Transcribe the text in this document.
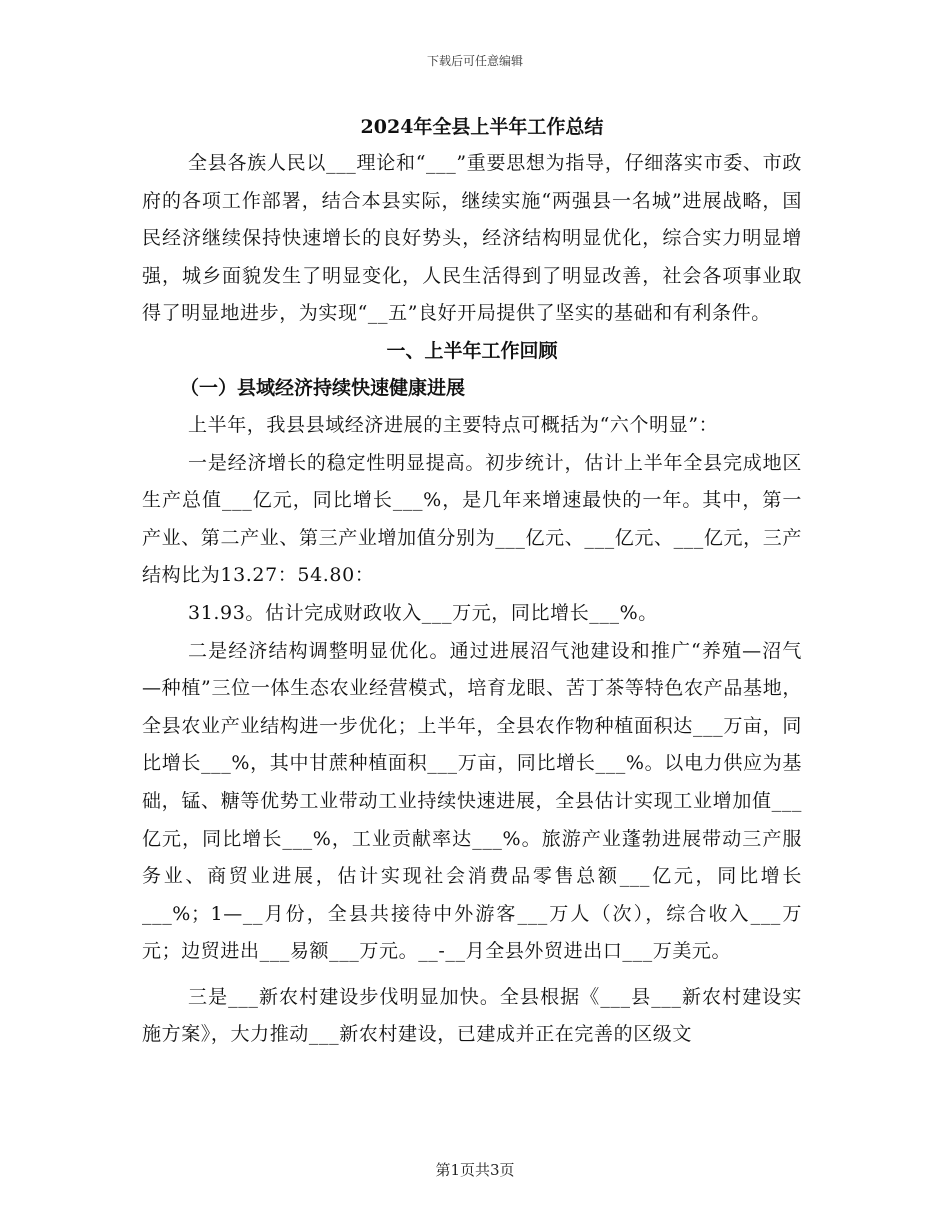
下载后可任意编辑
2024年全县上半年工作总结

全县各族人民以___理论和“___”重要思想为指导，仔细落实市委、市政府的各项工作部署，结合本县实际，继续实施“两强县一名城”进展战略，国民经济继续保持快速增长的良好势头，经济结构明显优化，综合实力明显增强，城乡面貌发生了明显变化，人民生活得到了明显改善，社会各项事业取得了明显地进步，为实现“__五”良好开局提供了坚实的基础和有利条件。

一、上半年工作回顾
（一）县域经济持续快速健康进展

上半年，我县县域经济进展的主要特点可概括为“六个明显”：

一是经济增长的稳定性明显提高。初步统计，估计上半年全县完成地区生产总值___亿元，同比增长___%，是几年来增速最快的一年。其中，第一产业、第二产业、第三产业增加值分别为___亿元、___亿元、___亿元，三产结构比为13.27：54.80：

31.93。估计完成财政收入___万元，同比增长___%。

二是经济结构调整明显优化。通过进展沼气池建设和推广“养殖—沼气—种植”三位一体生态农业经营模式，培育龙眼、苦丁茶等特色农产品基地，全县农业产业结构进一步优化；上半年，全县农作物种植面积达___万亩，同比增长___%，其中甘蔗种植面积___万亩，同比增长___%。以电力供应为基础，锰、糖等优势工业带动工业持续快速进展，全县估计实现工业增加值___亿元，同比增长___%，工业贡献率达___%。旅游产业蓬勃进展带动三产服务业、商贸业进展，估计实现社会消费品零售总额___亿元，同比增长___%；1—__月份，全县共接待中外游客___万人（次），综合收入___万元；边贸进出___易额___万元。__-__月全县外贸进出口___万美元。

三是___新农村建设步伐明显加快。全县根据《___县___新农村建设实施方案》，大力推动___新农村建设，已建成并正在完善的区级文

第1页共3页
